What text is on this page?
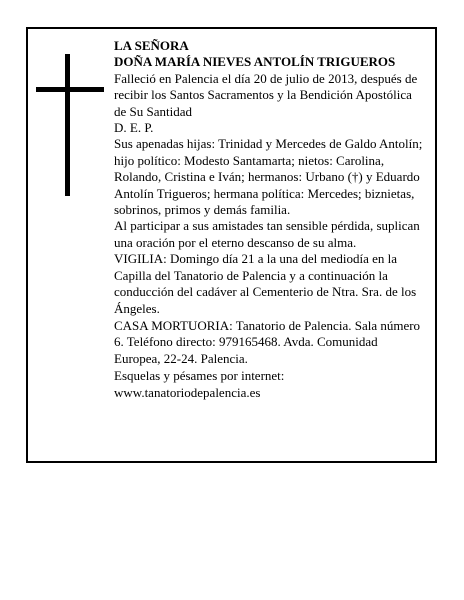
LA SEÑORA

DOÑA MARÍA NIEVES ANTOLÍN TRIGUEROS

Falleció en Palencia el día 20 de julio de 2013, después de recibir los Santos Sacramentos y la Bendición Apostólica de Su Santidad

D. E. P.

Sus apenadas hijas: Trinidad y Mercedes de Galdo Antolín; hijo político: Modesto Santamarta; nietos: Carolina, Rolando, Cristina e Iván; hermanos: Urbano (†) y Eduardo Antolín Trigueros; hermana política: Mercedes; biznietas, sobrinos, primos y demás familia.

Al participar a sus amistades tan sensible pérdida, suplican una oración por el eterno descanso de su alma.

VIGILIA: Domingo día 21 a la una del mediodía en la Capilla del Tanatorio de Palencia y a continuación la conducción del cadáver al Cementerio de Ntra. Sra. de los Ángeles.

CASA MORTUORIA: Tanatorio de Palencia. Sala número 6. Teléfono directo: 979165468. Avda. Comunidad Europea, 22-24. Palencia.

Esquelas y pésames por internet:

www.tanatoriodepalencia.es
